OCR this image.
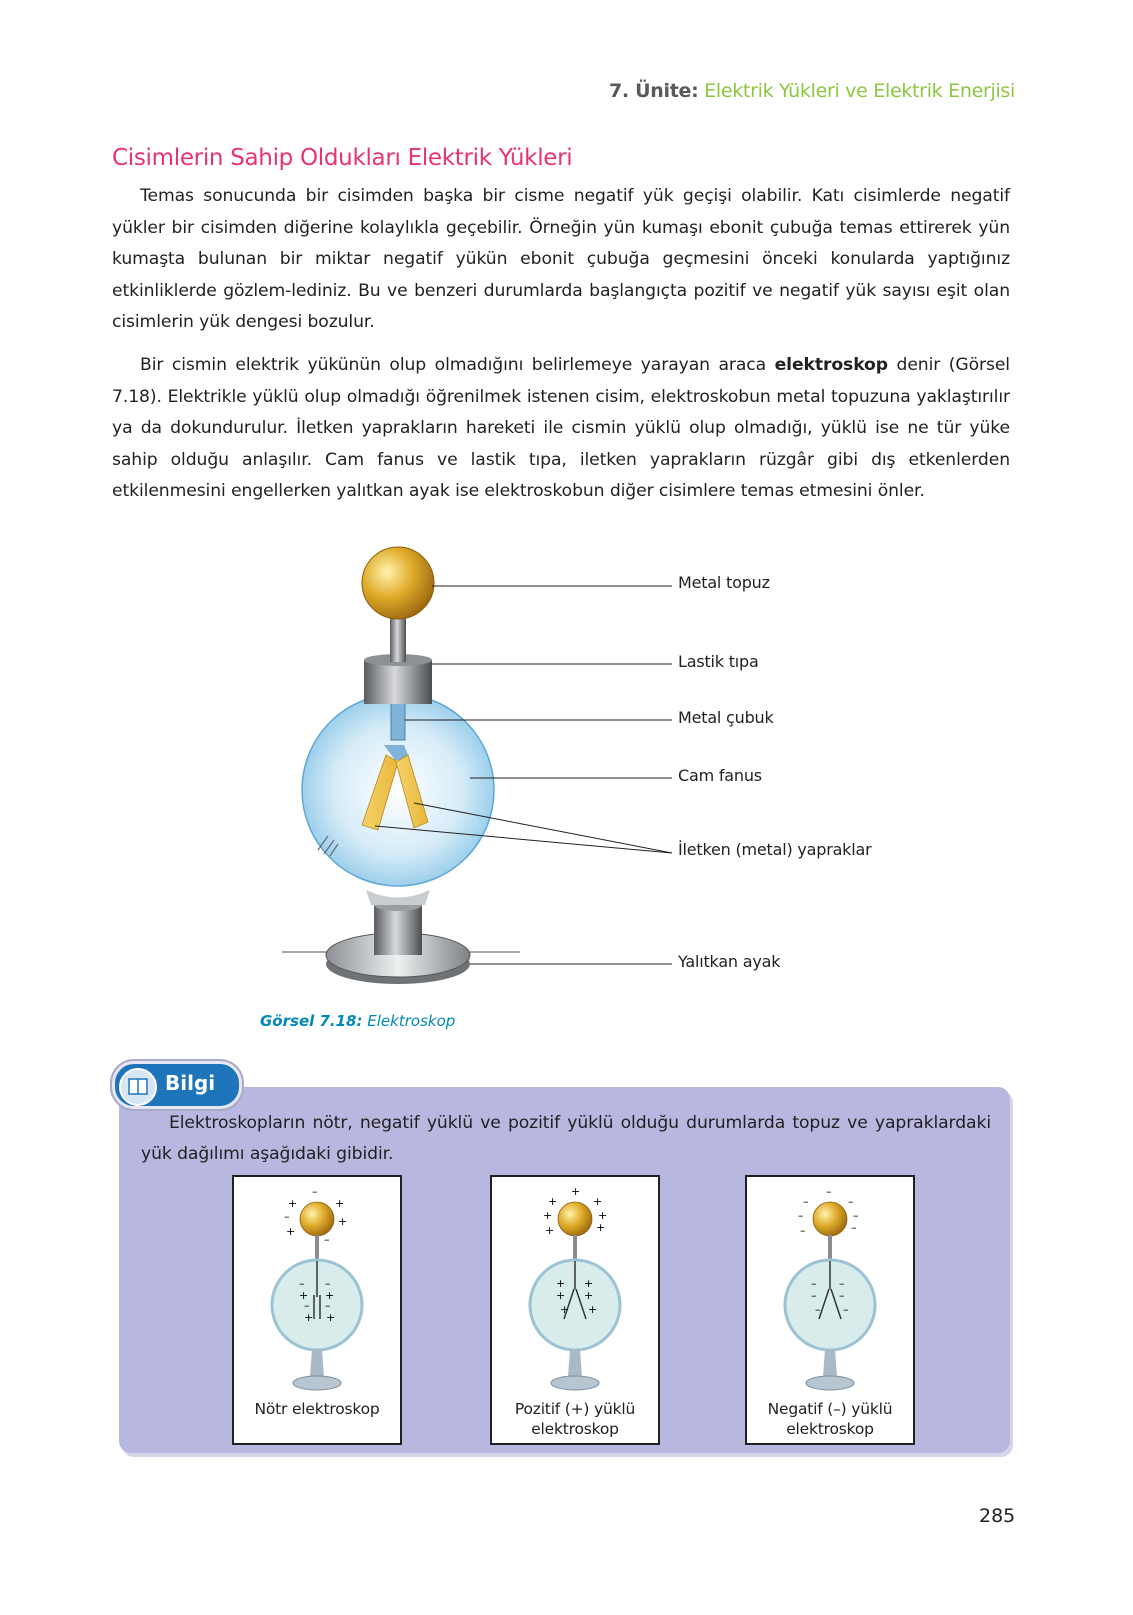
7. Ünite: Elektrik Yükleri ve Elektrik Enerjisi
Cisimlerin Sahip Oldukları Elektrik Yükleri
Temas sonucunda bir cisimden başka bir cisme negatif yük geçişi olabilir. Katı cisimlerde negatif yükler bir cisimden diğerine kolaylıkla geçebilir. Örneğin yün kumaşı ebonit çubuğa temas ettirerek yün kumaşta bulunan bir miktar negatif yükün ebonit çubuğa geçmesini önceki konularda yaptığınız etkinliklerde gözlem-lediniz. Bu ve benzeri durumlarda başlangıçta pozitif ve negatif yük sayısı eşit olan cisimlerin yük dengesi bozulur.
Bir cismin elektrik yükünün olup olmadığını belirlemeye yarayan araca elektroskop denir (Görsel 7.18). Elektrikle yüklü olup olmadığı öğrenilmek istenen cisim, elektroskobun metal topuzuna yaklaştırılır ya da dokundurulur. İletken yaprakların hareketi ile cismin yüklü olup olmadığı, yüklü ise ne tür yüke sahip olduğu anlaşılır. Cam fanus ve lastik tıpa, iletken yaprakların rüzgâr gibi dış etkenlerden etkilenmesini engellerken yalıtkan ayak ise elektroskobun diğer cisimlere temas etmesini önler.
Metal topuz
Lastik tıpa
Metal çubuk
Cam fanus
İletken (metal) yapraklar
Yalıtkan ayak
Görsel 7.18: Elektroskop
Bilgi
Elektroskopların nötr, negatif yüklü ve pozitif yüklü olduğu durumlarda topuz ve yapraklardaki yük dağılımı aşağıdaki gibidir.
+
–
+
–	+
+
–
– –
+ +
– –
+ +
Nötr elektroskop
+
+
+
+	+
+	+
+
+
+
+
+ +
Pozitif (+) yüklü elektroskop
–
–
–
–	–
–	–
–
–
–
–
– –
Negatif (–) yüklü elektroskop
285
